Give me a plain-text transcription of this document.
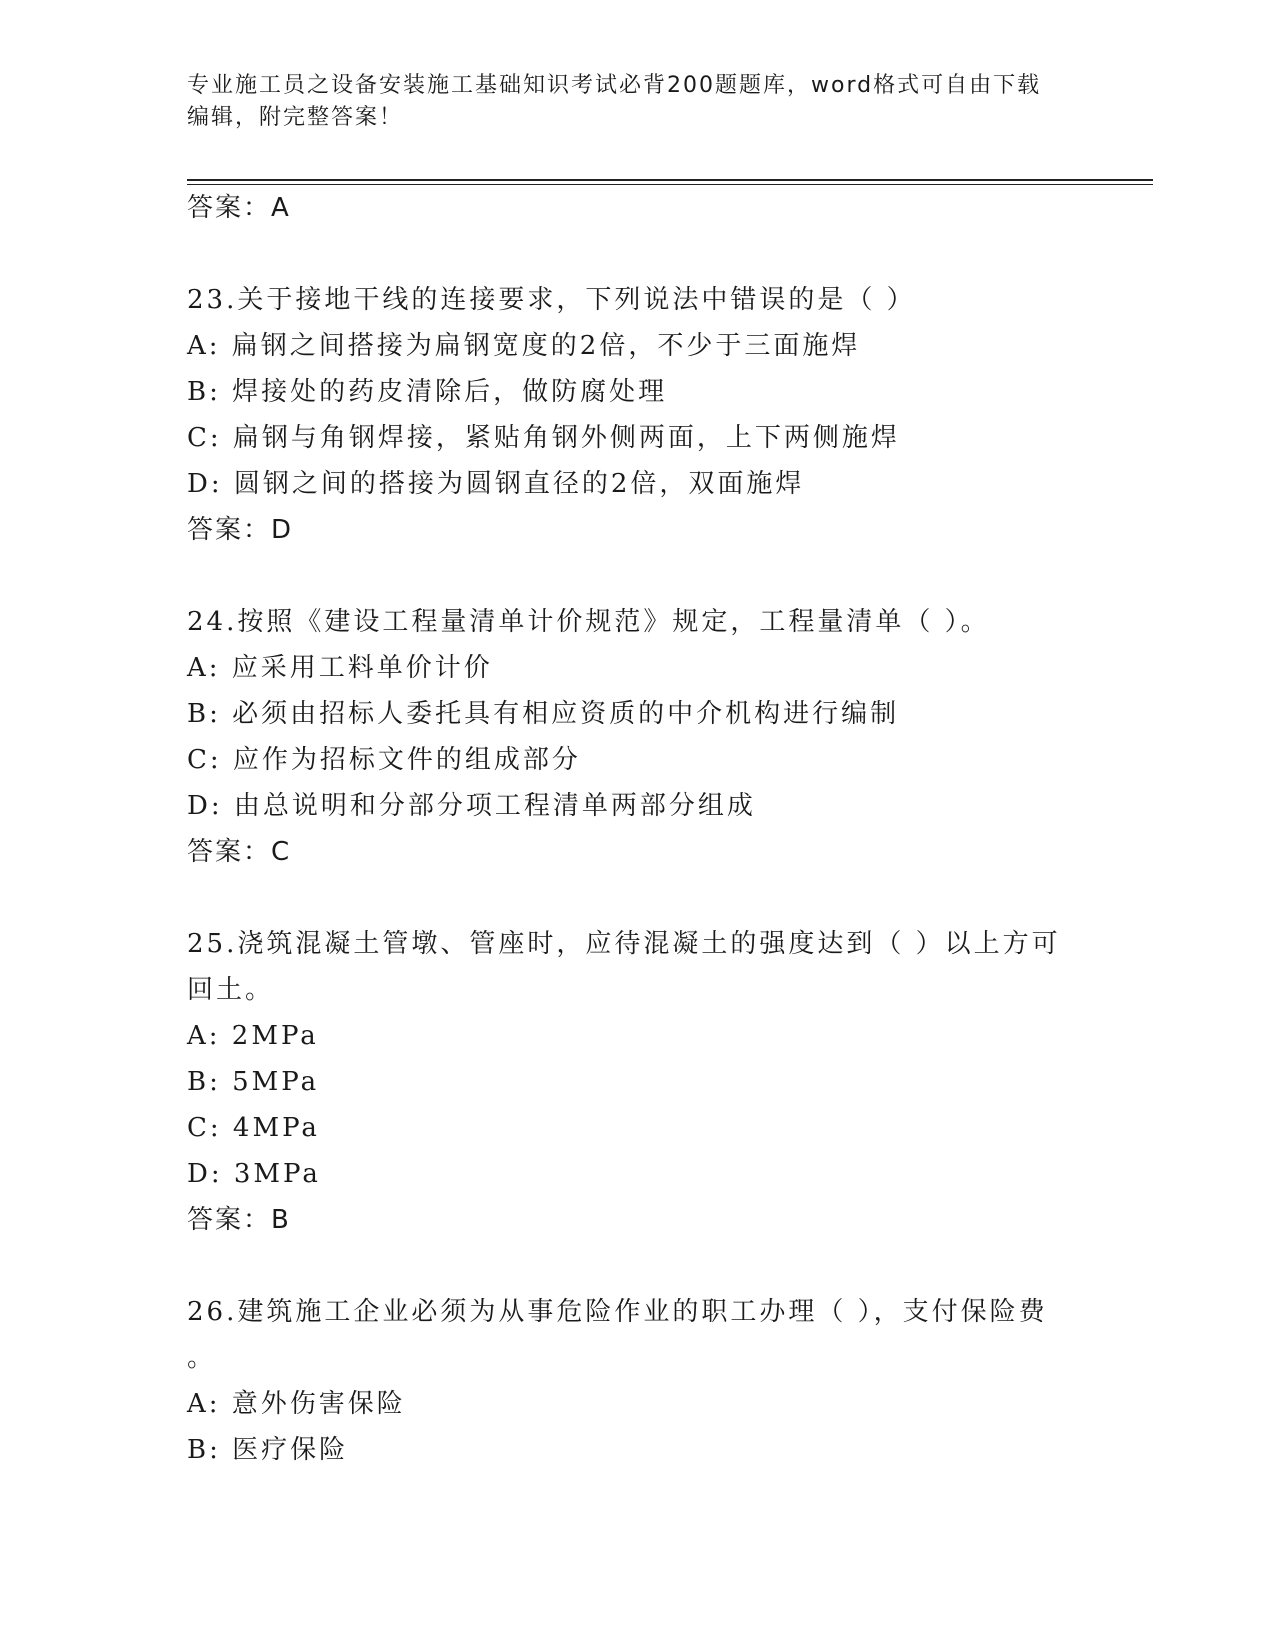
专业施工员之设备安装施工基础知识考试必背200题题库，word格式可自由下载
编辑，附完整答案！
答案：A
23.关于接地干线的连接要求，下列说法中错误的是（ ）
A: 扁钢之间搭接为扁钢宽度的2倍，不少于三面施焊
B: 焊接处的药皮清除后，做防腐处理
C: 扁钢与角钢焊接，紧贴角钢外侧两面，上下两侧施焊
D: 圆钢之间的搭接为圆钢直径的2倍，双面施焊
答案：D
24.按照《建设工程量清单计价规范》规定，工程量清单（ ）。
A: 应采用工料单价计价
B: 必须由招标人委托具有相应资质的中介机构进行编制
C: 应作为招标文件的组成部分
D: 由总说明和分部分项工程清单两部分组成
答案：C
25.浇筑混凝土管墩、管座时，应待混凝土的强度达到（ ）以上方可
回土。
A: 2MPa
B: 5MPa
C: 4MPa
D: 3MPa
答案：B
26.建筑施工企业必须为从事危险作业的职工办理（ ），支付保险费
。
A: 意外伤害保险
B: 医疗保险
